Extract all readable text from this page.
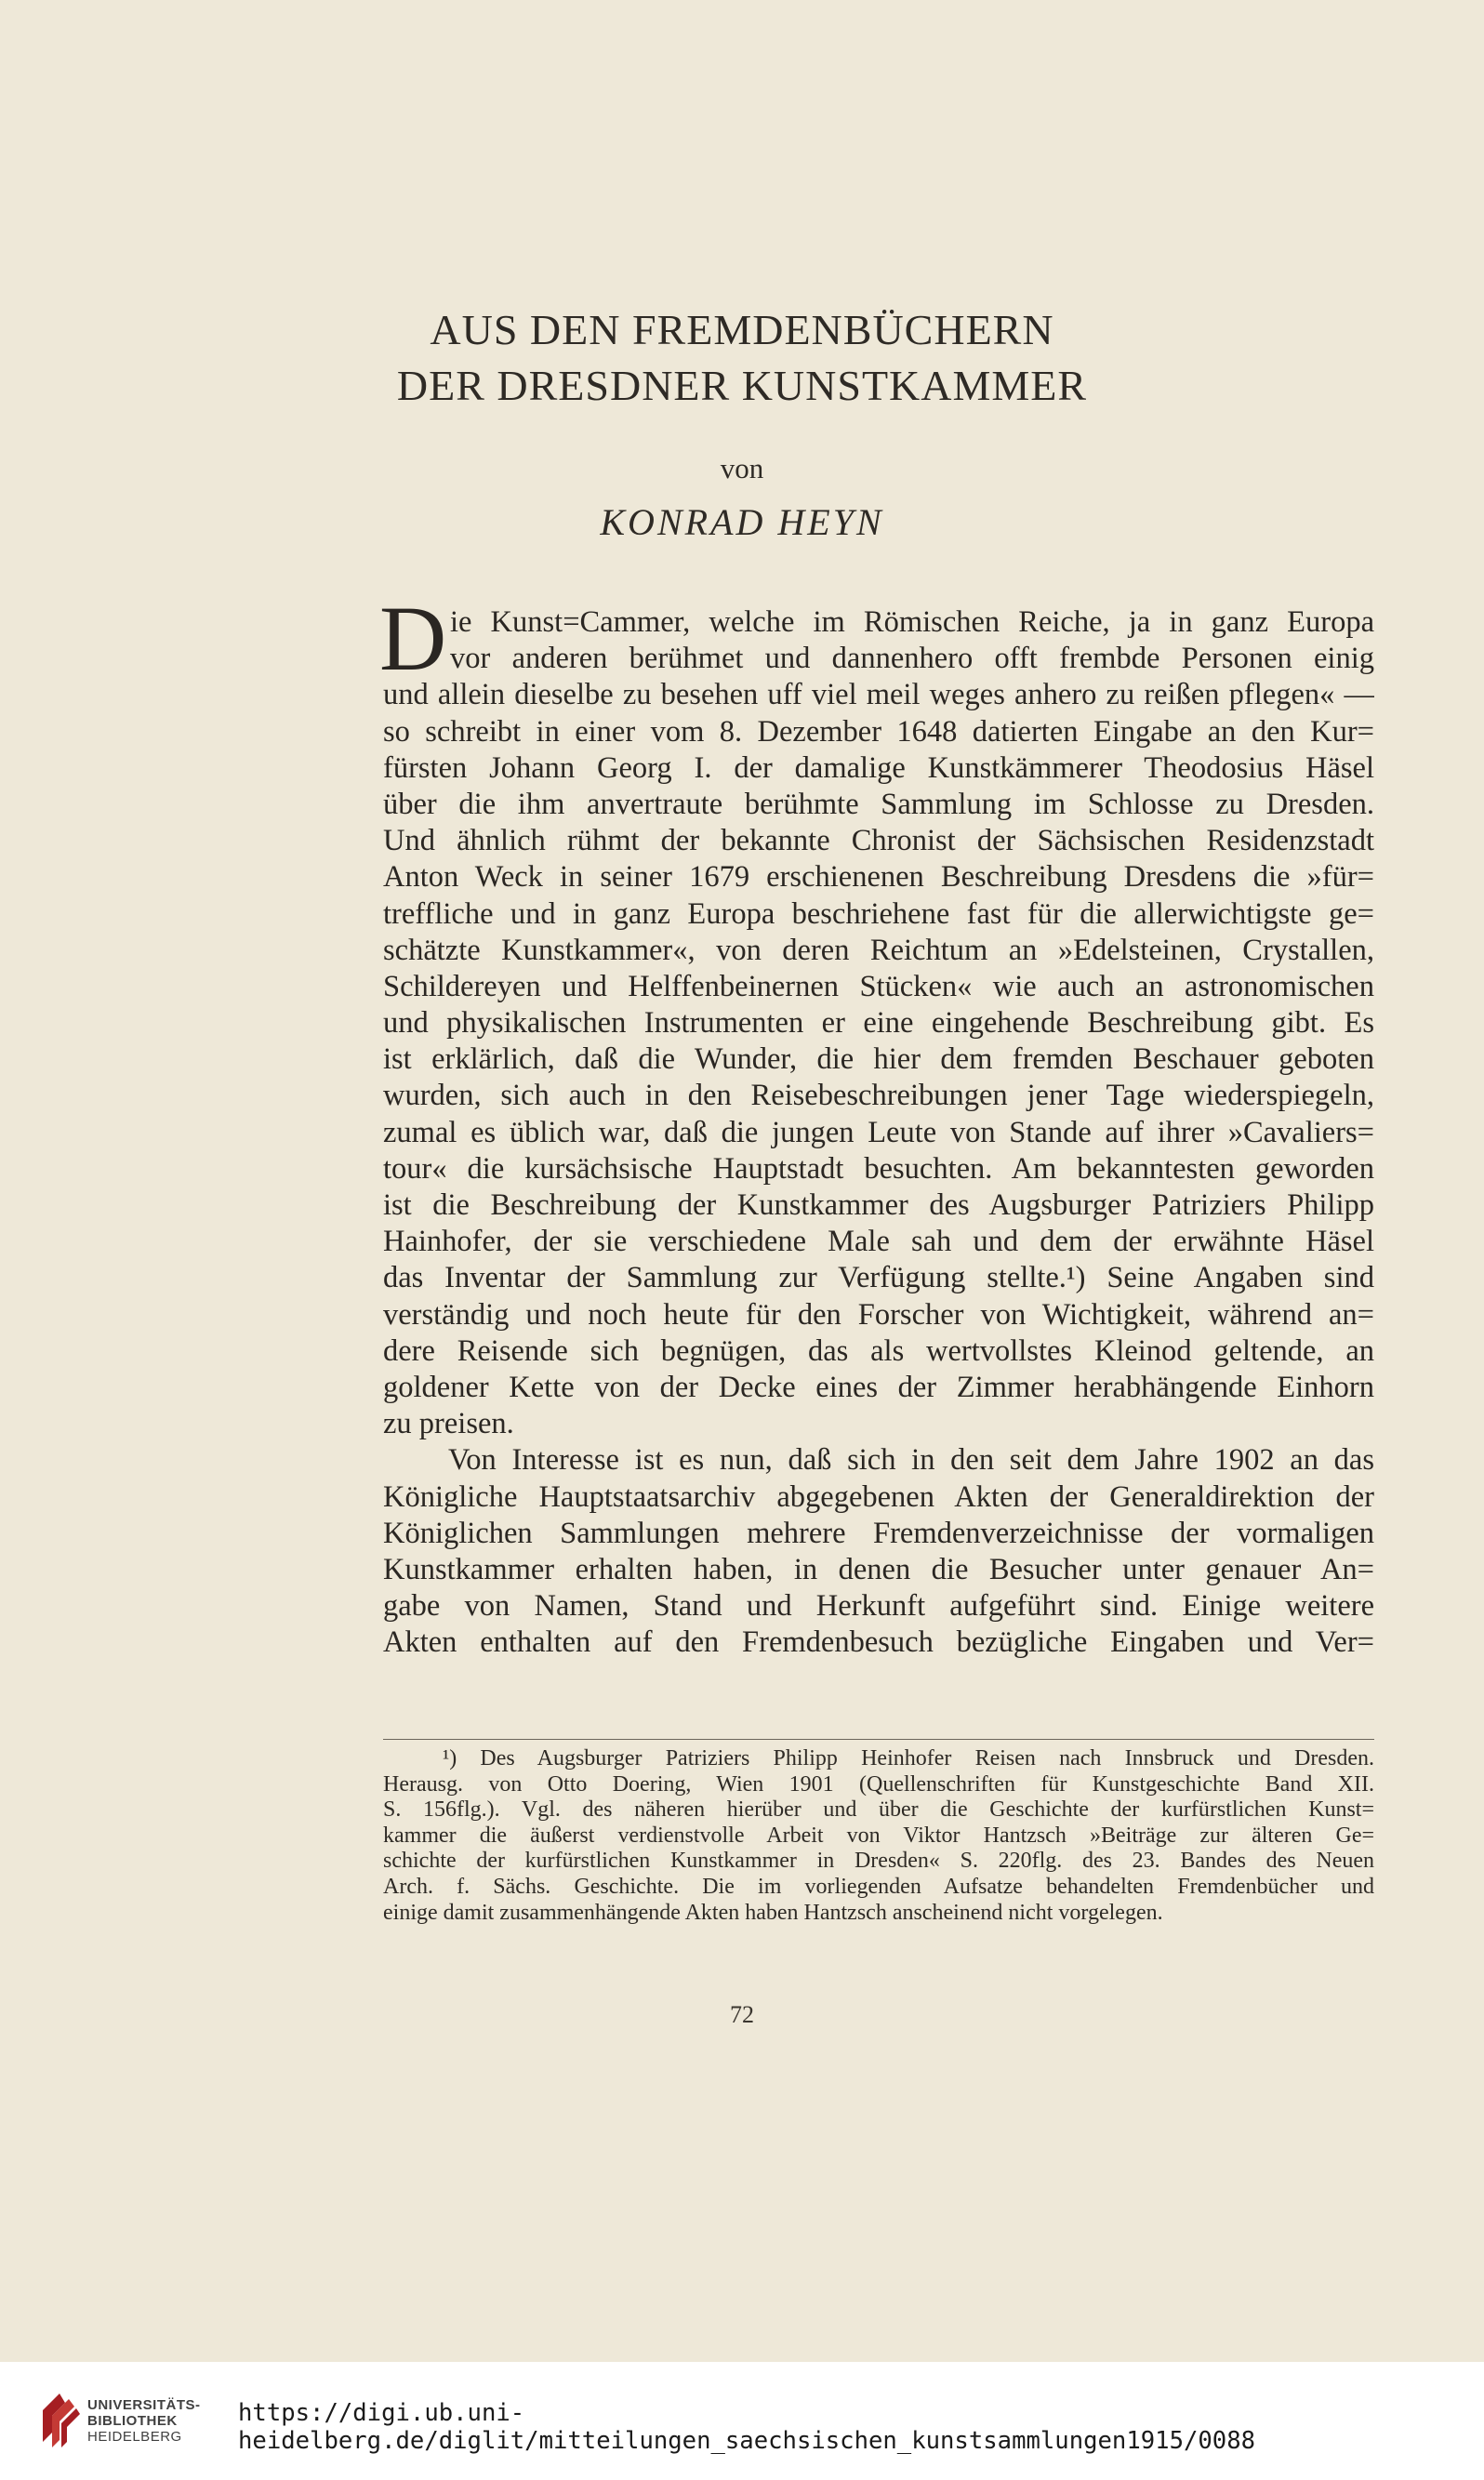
AUS DEN FREMDENBÜCHERN
DER DRESDNER KUNSTKAMMER
von
KONRAD HEYN
D ie Kunst=Cammer, welche im Römischen Reiche, ja in ganz Europa
vor anderen berühmet und dannenhero offt frembde Personen einig
und allein dieselbe zu besehen uff viel meil weges anhero zu reißen pflegen« —
so schreibt in einer vom 8. Dezember 1648 datierten Eingabe an den Kur=
fürsten Johann Georg I. der damalige Kunstkämmerer Theodosius Häsel
über die ihm anvertraute berühmte Sammlung im Schlosse zu Dresden.
Und ähnlich rühmt der bekannte Chronist der Sächsischen Residenzstadt
Anton Weck in seiner 1679 erschienenen Beschreibung Dresdens die »für=
treffliche und in ganz Europa beschriehene fast für die allerwichtigste ge=
schätzte Kunstkammer«, von deren Reichtum an »Edelsteinen, Crystallen,
Schildereyen und Helffenbeinernen Stücken« wie auch an astronomischen
und physikalischen Instrumenten er eine eingehende Beschreibung gibt. Es
ist erklärlich, daß die Wunder, die hier dem fremden Beschauer geboten
wurden, sich auch in den Reisebeschreibungen jener Tage wiederspiegeln,
zumal es üblich war, daß die jungen Leute von Stande auf ihrer »Cavaliers=
tour« die kursächsische Hauptstadt besuchten. Am bekanntesten geworden
ist die Beschreibung der Kunstkammer des Augsburger Patriziers Philipp
Hainhofer, der sie verschiedene Male sah und dem der erwähnte Häsel
das Inventar der Sammlung zur Verfügung stellte.¹) Seine Angaben sind
verständig und noch heute für den Forscher von Wichtigkeit, während an=
dere Reisende sich begnügen, das als wertvollstes Kleinod geltende, an
goldener Kette von der Decke eines der Zimmer herabhängende Einhorn
zu preisen.
Von Interesse ist es nun, daß sich in den seit dem Jahre 1902 an das
Königliche Hauptstaatsarchiv abgegebenen Akten der Generaldirektion der
Königlichen Sammlungen mehrere Fremdenverzeichnisse der vormaligen
Kunstkammer erhalten haben, in denen die Besucher unter genauer An=
gabe von Namen, Stand und Herkunft aufgeführt sind. Einige weitere
Akten enthalten auf den Fremdenbesuch bezügliche Eingaben und Ver=
¹) Des Augsburger Patriziers Philipp Heinhofer Reisen nach Innsbruck und Dresden.
Herausg. von Otto Doering, Wien 1901 (Quellenschriften für Kunstgeschichte Band XII.
S. 156flg.). Vgl. des näheren hierüber und über die Geschichte der kurfürstlichen Kunst=
kammer die äußerst verdienstvolle Arbeit von Viktor Hantzsch »Beiträge zur älteren Ge=
schichte der kurfürstlichen Kunstkammer in Dresden« S. 220flg. des 23. Bandes des Neuen
Arch. f. Sächs. Geschichte. Die im vorliegenden Aufsatze behandelten Fremdenbücher und
einige damit zusammenhängende Akten haben Hantzsch anscheinend nicht vorgelegen.
72
UNIVERSITÄTS-
BIBLIOTHEK
HEIDELBERG
https://digi.ub.uni-heidelberg.de/diglit/mitteilungen_saechsischen_kunstsammlungen1915/0088
